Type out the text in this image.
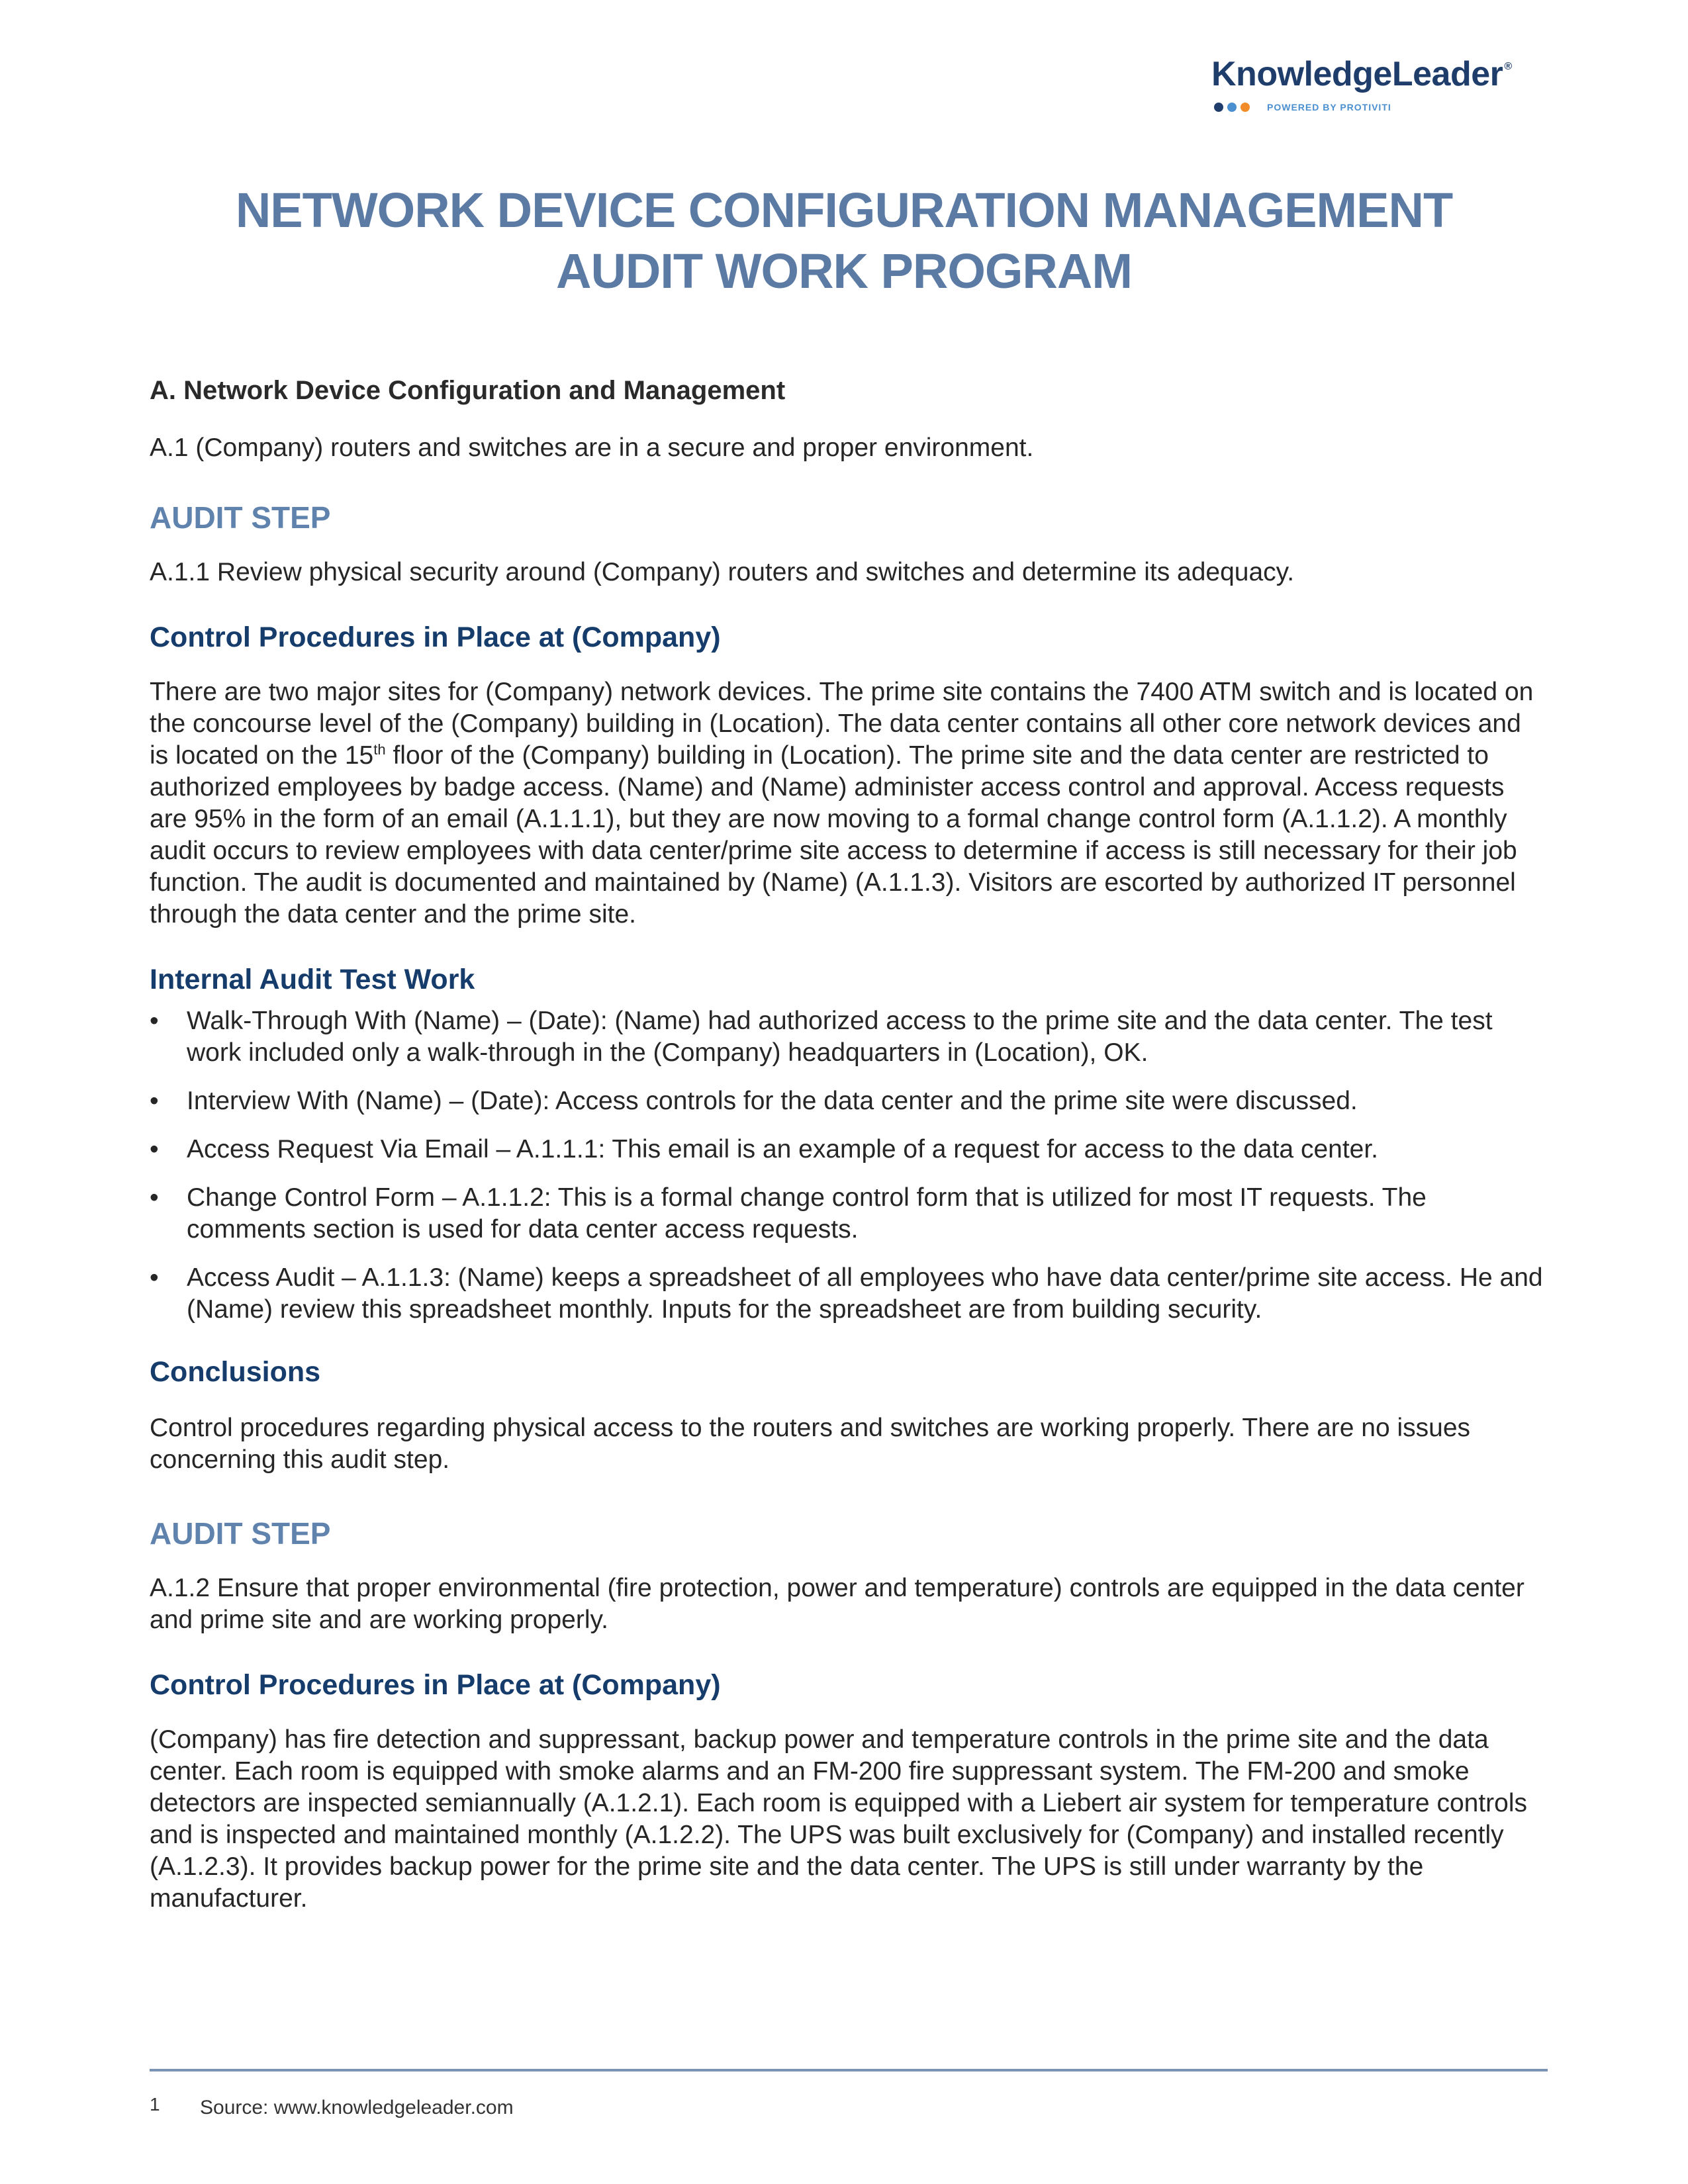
KnowledgeLeader ®
POWERED BY PROTIVITI
NETWORK DEVICE CONFIGURATION MANAGEMENT
AUDIT WORK PROGRAM
A. Network Device Configuration and Management

A.1 (Company) routers and switches are in a secure and proper environment.

AUDIT STEP

A.1.1 Review physical security around (Company) routers and switches and determine its adequacy.

Control Procedures in Place at (Company)

There are two major sites for (Company) network devices. The prime site contains the 7400 ATM switch and is located on the concourse level of the (Company) building in (Location). The data center contains all other core network devices and is located on the 15th floor of the (Company) building in (Location). The prime site and the data center are restricted to authorized employees by badge access. (Name) and (Name) administer access control and approval. Access requests are 95% in the form of an email (A.1.1.1), but they are now moving to a formal change control form (A.1.1.2). A monthly audit occurs to review employees with data center/prime site access to determine if access is still necessary for their job function. The audit is documented and maintained by (Name) (A.1.1.3). Visitors are escorted by authorized IT personnel through the data center and the prime site.

Internal Audit Test Work
• Walk-Through With (Name) – (Date): (Name) had authorized access to the prime site and the data center. The test work included only a walk-through in the (Company) headquarters in (Location), OK.
• Interview With (Name) – (Date): Access controls for the data center and the prime site were discussed.
• Access Request Via Email – A.1.1.1: This email is an example of a request for access to the data center.
• Change Control Form – A.1.1.2: This is a formal change control form that is utilized for most IT requests. The comments section is used for data center access requests.
• Access Audit – A.1.1.3: (Name) keeps a spreadsheet of all employees who have data center/prime site access. He and (Name) review this spreadsheet monthly. Inputs for the spreadsheet are from building security.
Conclusions

Control procedures regarding physical access to the routers and switches are working properly. There are no issues concerning this audit step.

AUDIT STEP

A.1.2 Ensure that proper environmental (fire protection, power and temperature) controls are equipped in the data center and prime site and are working properly.

Control Procedures in Place at (Company)

(Company) has fire detection and suppressant, backup power and temperature controls in the prime site and the data center. Each room is equipped with smoke alarms and an FM-200 fire suppressant system. The FM-200 and smoke detectors are inspected semiannually (A.1.2.1). Each room is equipped with a Liebert air system for temperature controls and is inspected and maintained monthly (A.1.2.2). The UPS was built exclusively for (Company) and installed recently (A.1.2.3). It provides backup power for the prime site and the data center. The UPS is still under warranty by the manufacturer.

1 Source: www.knowledgeleader.com
